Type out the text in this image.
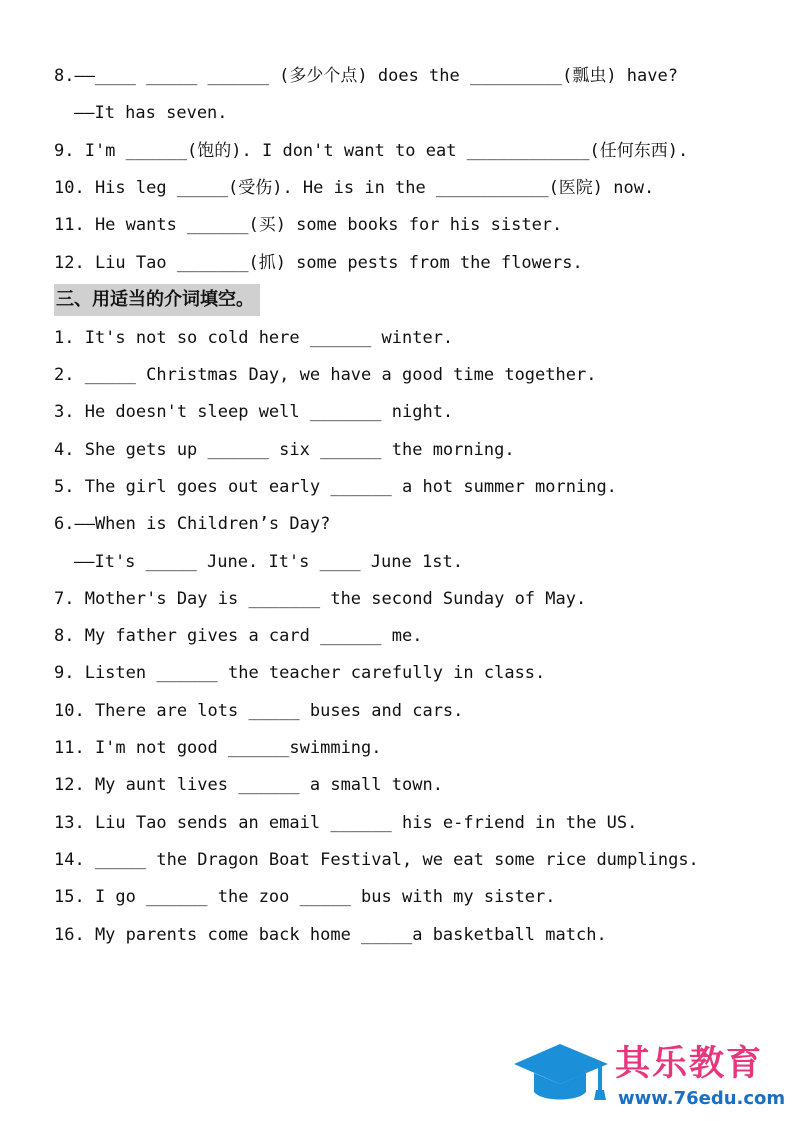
8.——____ _____ ______ (多少个点) does the _________(瓢虫) have?
——It has seven.
9. I'm ______(饱的). I don't want to eat ____________(任何东西).
10. His leg _____(受伤). He is in the ___________(医院) now.
11. He wants ______(买) some books for his sister.
12. Liu Tao _______(抓) some pests from the flowers.
三、用适当的介词填空。
1. It's not so cold here ______ winter.
2. _____ Christmas Day, we have a good time together.
3. He doesn't sleep well _______ night.
4. She gets up ______ six ______ the morning.
5. The girl goes out early ______ a hot summer morning.
6.——When is Children’s Day?
——It's _____ June. It's ____ June 1st.
7. Mother's Day is _______ the second Sunday of May.
8. My father gives a card ______ me.
9. Listen ______ the teacher carefully in class.
10. There are lots _____ buses and cars.
11. I'm not good ______swimming.
12. My aunt lives ______ a small town.
13. Liu Tao sends an email ______ his e-friend in the US.
14. _____ the Dragon Boat Festival, we eat some rice dumplings.
15. I go ______ the zoo _____ bus with my sister.
16. My parents come back home _____a basketball match.
其乐教育
www.76edu.com
